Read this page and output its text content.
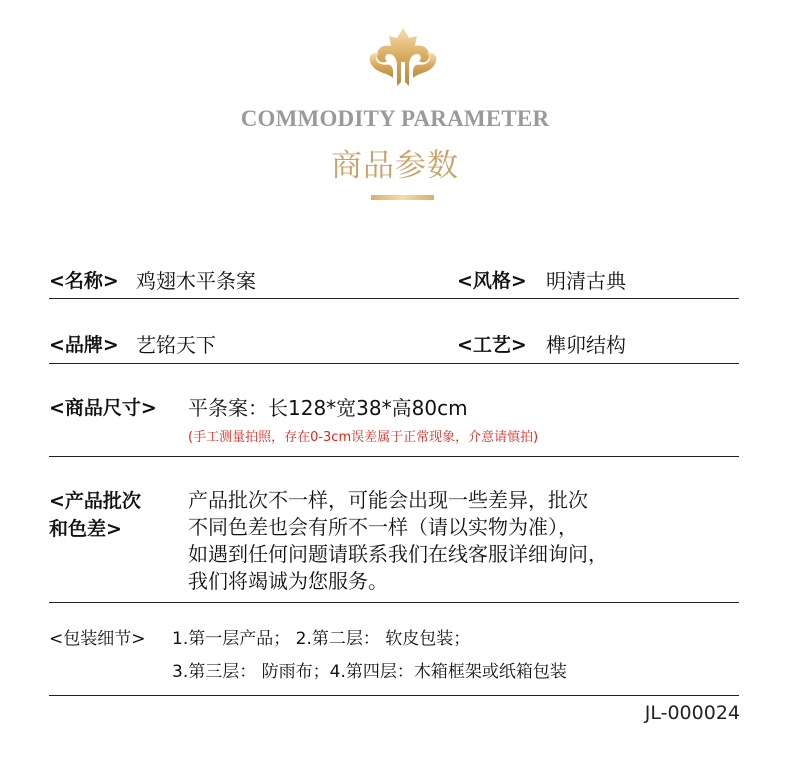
COMMODITY PARAMETER
商品参数
<名称> 鸡翅木平条案	<风格> 明清古典
<品牌> 艺铭天下	<工艺> 榫卯结构
<商品尺寸> 平条案：长128*宽38*高80cm
(手工测量拍照，存在0-3cm误差属于正常现象，介意请慎拍)
<产品批次
和色差>
产品批次不一样，可能会出现一些差异，批次
不同色差也会有所不一样（请以实物为准），
如遇到任何问题请联系我们在线客服详细询问，
我们将竭诚为您服务。
<包装细节> 1.第一层产品； 2.第二层： 软皮包装；
3.第三层： 防雨布；4.第四层：木箱框架或纸箱包装
JL-000024
